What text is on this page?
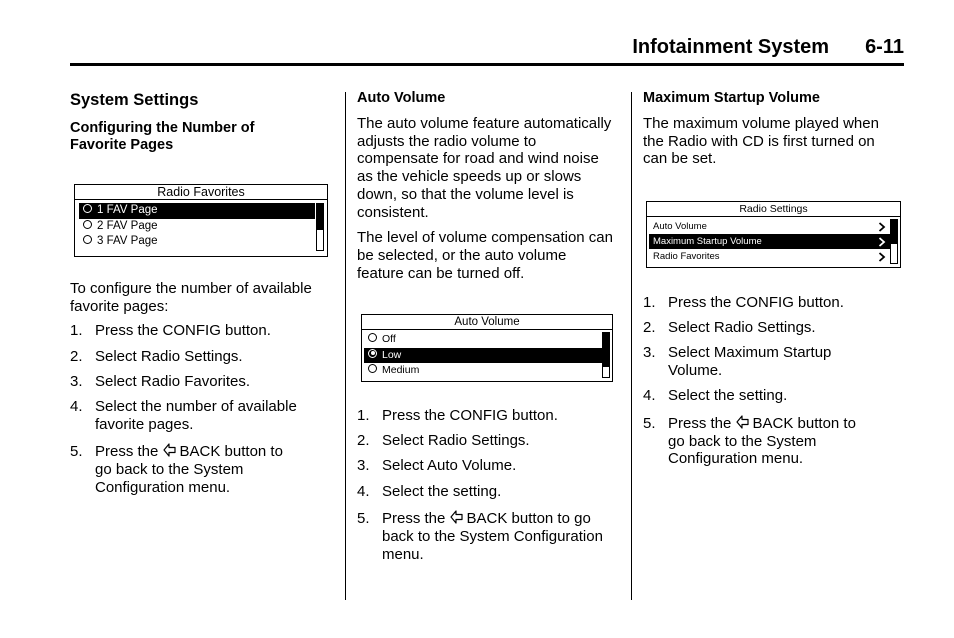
Infotainment System 6-11
System Settings
Configuring the Number of Favorite Pages
Radio Favorites
1 FAV Page
2 FAV Page
3 FAV Page
To configure the number of available favorite pages:
1. Press the CONFIG button.
2. Select Radio Settings.
3. Select Radio Favorites.
4. Select the number of available favorite pages.
5. Press the BACK button to go back to the System Configuration menu.
Auto Volume
The auto volume feature automatically adjusts the radio volume to compensate for road and wind noise as the vehicle speeds up or slows down, so that the volume level is consistent.
The level of volume compensation can be selected, or the auto volume feature can be turned off.
Auto Volume
Off
Low
Medium
1. Press the CONFIG button.
2. Select Radio Settings.
3. Select Auto Volume.
4. Select the setting.
5. Press the BACK button to go back to the System Configuration menu.
Maximum Startup Volume
The maximum volume played when the Radio with CD is first turned on can be set.
Radio Settings
Auto Volume
Maximum Startup Volume
Radio Favorites
1. Press the CONFIG button.
2. Select Radio Settings.
3. Select Maximum Startup Volume.
4. Select the setting.
5. Press the BACK button to go back to the System Configuration menu.
